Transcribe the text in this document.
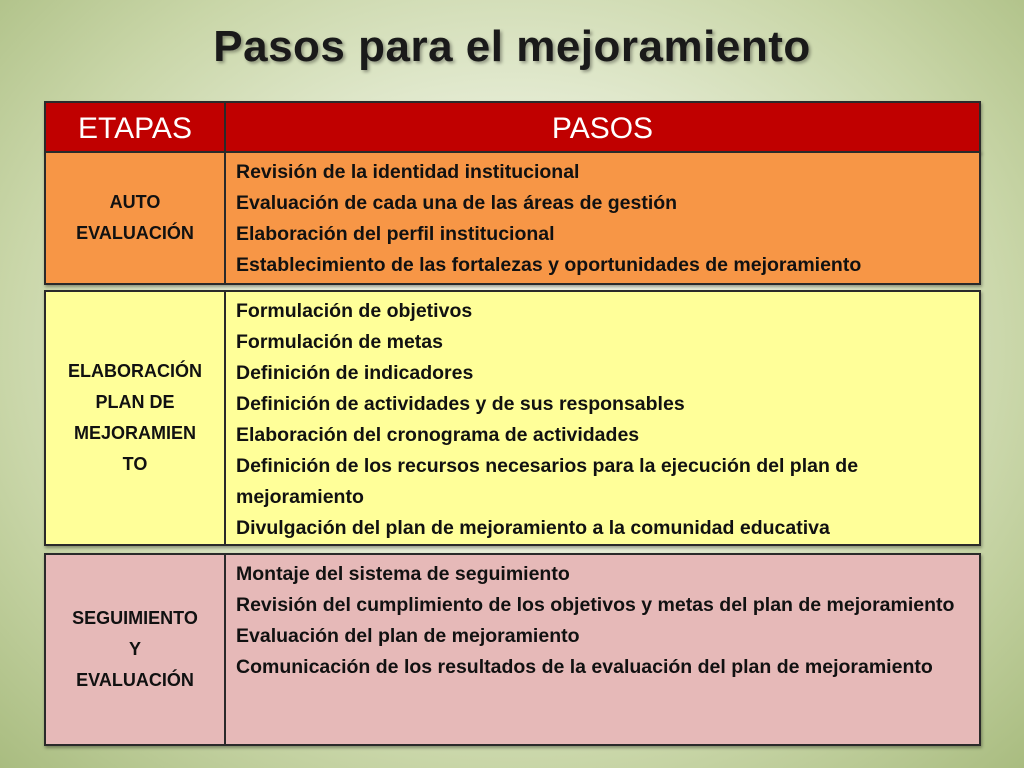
Pasos para el mejoramiento
ETAPAS	PASOS
AUTO
EVALUACIÓN
Revisión de la identidad institucional
Evaluación de cada una de las áreas de gestión
Elaboración del perfil institucional
Establecimiento de las fortalezas y oportunidades de mejoramiento
ELABORACIÓN
PLAN DE
MEJORAMIEN
TO
Formulación de objetivos
Formulación de metas
Definición de indicadores
Definición de actividades y de sus responsables
Elaboración del cronograma de actividades
Definición de los recursos necesarios para la ejecución del plan de mejoramiento
Divulgación del plan de mejoramiento a la comunidad educativa
SEGUIMIENTO
Y
EVALUACIÓN
Montaje del sistema de seguimiento
Revisión del cumplimiento de los objetivos y metas del plan de mejoramiento
Evaluación del plan de mejoramiento
Comunicación de los resultados de la evaluación del plan de mejoramiento
